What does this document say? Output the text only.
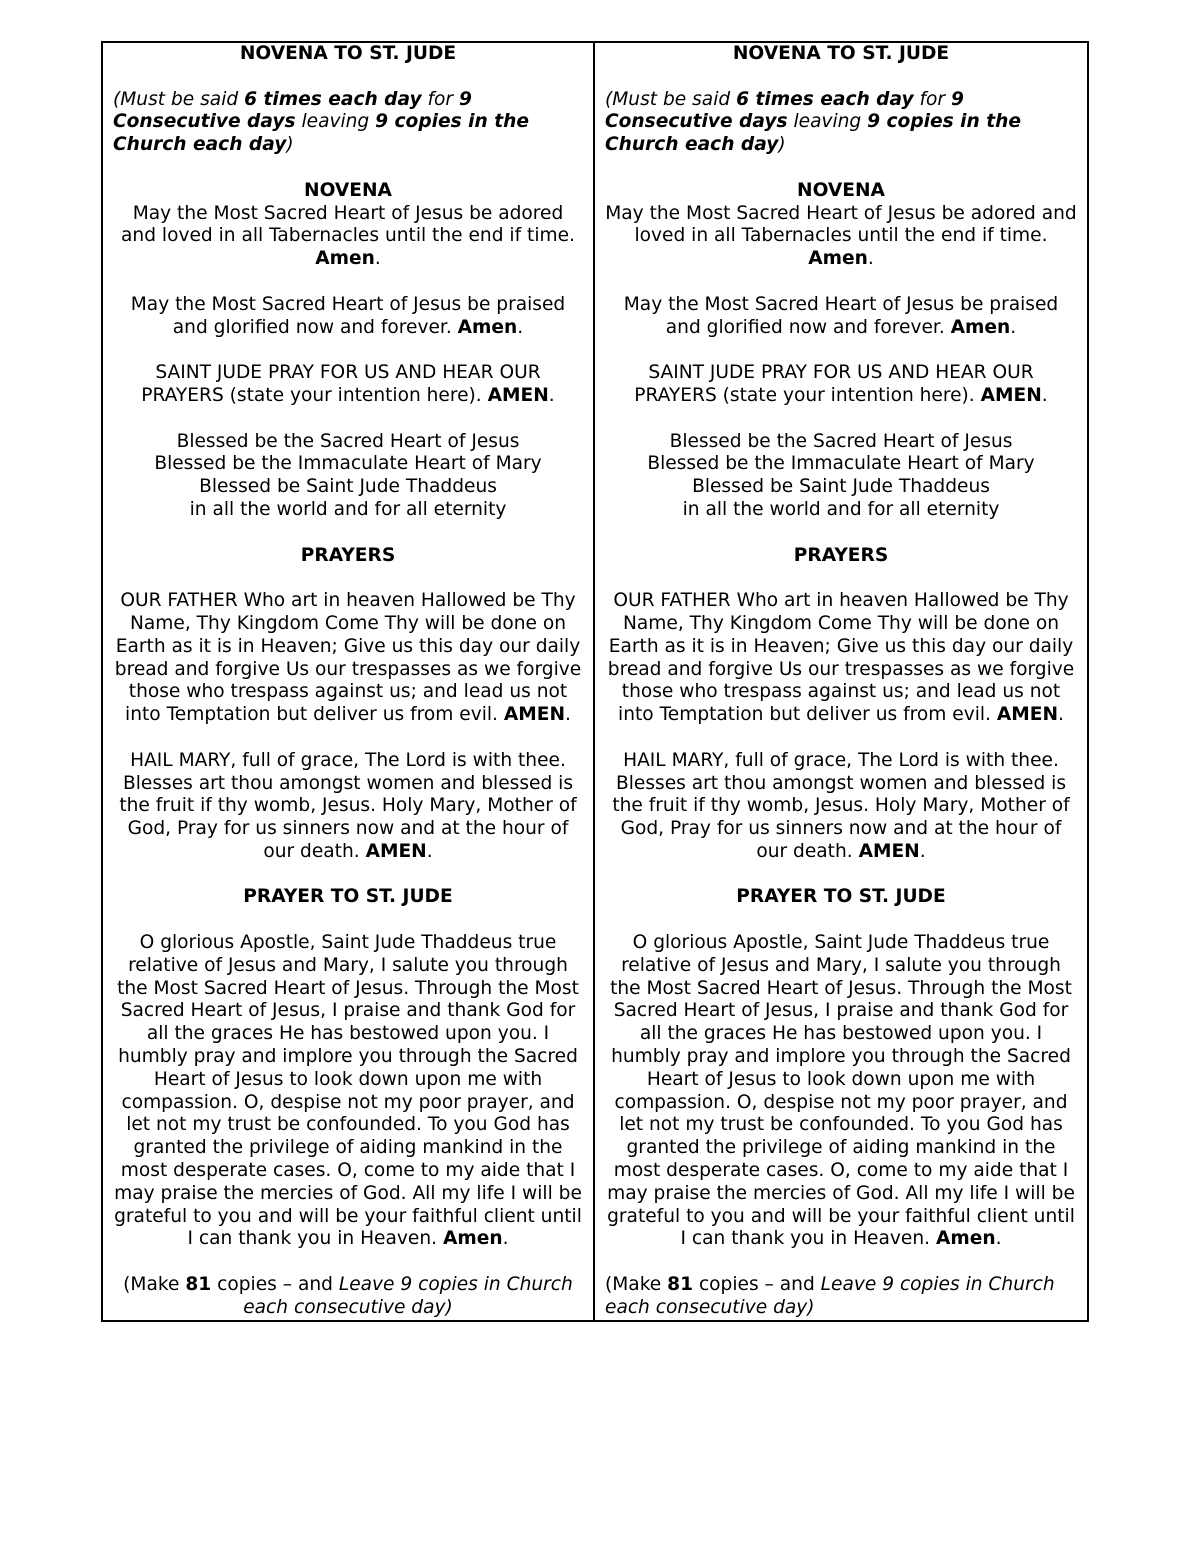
NOVENA TO ST. JUDE

(Must be said 6 times each day for 9 Consecutive days leaving 9 copies in the Church each day)

NOVENA

May the Most Sacred Heart of Jesus be adored and loved in all Tabernacles until the end if time. Amen.

May the Most Sacred Heart of Jesus be praised and glorified now and forever. Amen.

SAINT JUDE PRAY FOR US AND HEAR OUR PRAYERS (state your intention here). AMEN.

Blessed be the Sacred Heart of Jesus
Blessed be the Immaculate Heart of Mary
Blessed be Saint Jude Thaddeus
in all the world and for all eternity

PRAYERS

OUR FATHER Who art in heaven Hallowed be Thy Name, Thy Kingdom Come Thy will be done on Earth as it is in Heaven; Give us this day our daily bread and forgive Us our trespasses as we forgive those who trespass against us; and lead us not into Temptation but deliver us from evil. AMEN.

HAIL MARY, full of grace, The Lord is with thee. Blesses art thou amongst women and blessed is the fruit if thy womb, Jesus. Holy Mary, Mother of God, Pray for us sinners now and at the hour of our death. AMEN.

PRAYER TO ST. JUDE

O glorious Apostle, Saint Jude Thaddeus true relative of Jesus and Mary, I salute you through the Most Sacred Heart of Jesus. Through the Most Sacred Heart of Jesus, I praise and thank God for all the graces He has bestowed upon you. I humbly pray and implore you through the Sacred Heart of Jesus to look down upon me with compassion. O, despise not my poor prayer, and let not my trust be confounded. To you God has granted the privilege of aiding mankind in the most desperate cases. O, come to my aide that I may praise the mercies of God. All my life I will be grateful to you and will be your faithful client until I can thank you in Heaven. Amen.

(Make 81 copies – and Leave 9 copies in Church each consecutive day)

NOVENA TO ST. JUDE

(Must be said 6 times each day for 9 Consecutive days leaving 9 copies in the Church each day)

NOVENA

May the Most Sacred Heart of Jesus be adored and loved in all Tabernacles until the end if time. Amen.

May the Most Sacred Heart of Jesus be praised and glorified now and forever. Amen.

SAINT JUDE PRAY FOR US AND HEAR OUR PRAYERS (state your intention here). AMEN.

Blessed be the Sacred Heart of Jesus
Blessed be the Immaculate Heart of Mary
Blessed be Saint Jude Thaddeus
in all the world and for all eternity

PRAYERS

OUR FATHER Who art in heaven Hallowed be Thy Name, Thy Kingdom Come Thy will be done on Earth as it is in Heaven; Give us this day our daily bread and forgive Us our trespasses as we forgive those who trespass against us; and lead us not into Temptation but deliver us from evil. AMEN.

HAIL MARY, full of grace, The Lord is with thee. Blesses art thou amongst women and blessed is the fruit if thy womb, Jesus. Holy Mary, Mother of God, Pray for us sinners now and at the hour of our death. AMEN.

PRAYER TO ST. JUDE

O glorious Apostle, Saint Jude Thaddeus true relative of Jesus and Mary, I salute you through the Most Sacred Heart of Jesus. Through the Most Sacred Heart of Jesus, I praise and thank God for all the graces He has bestowed upon you. I humbly pray and implore you through the Sacred Heart of Jesus to look down upon me with compassion. O, despise not my poor prayer, and let not my trust be confounded. To you God has granted the privilege of aiding mankind in the most desperate cases. O, come to my aide that I may praise the mercies of God. All my life I will be grateful to you and will be your faithful client until I can thank you in Heaven. Amen.

(Make 81 copies – and Leave 9 copies in Church each consecutive day)
